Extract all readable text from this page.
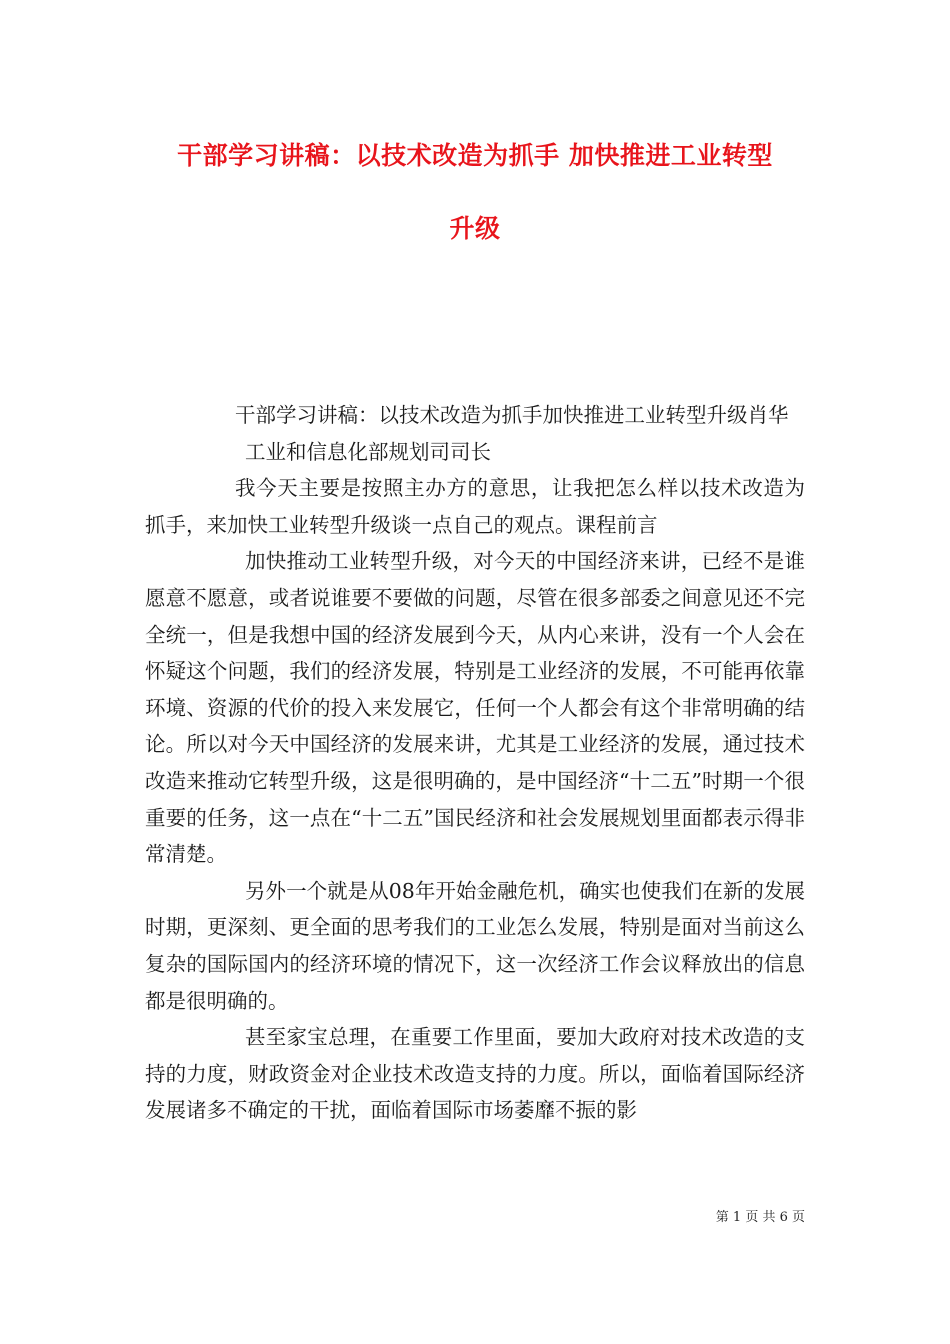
干部学习讲稿：以技术改造为抓手 加快推进工业转型
升级

干部学习讲稿：以技术改造为抓手加快推进工业转型升级肖华

工业和信息化部规划司司长

我今天主要是按照主办方的意思，让我把怎么样以技术改造为抓手，来加快工业转型升级谈一点自己的观点。课程前言

加快推动工业转型升级，对今天的中国经济来讲，已经不是谁愿意不愿意，或者说谁要不要做的问题，尽管在很多部委之间意见还不完全统一，但是我想中国的经济发展到今天，从内心来讲，没有一个人会在怀疑这个问题，我们的经济发展，特别是工业经济的发展，不可能再依靠环境、资源的代价的投入来发展它，任何一个人都会有这个非常明确的结论。所以对今天中国经济的发展来讲，尤其是工业经济的发展，通过技术改造来推动它转型升级，这是很明确的，是中国经济“十二五”时期一个很重要的任务，这一点在“十二五”国民经济和社会发展规划里面都表示得非常清楚。

另外一个就是从08年开始金融危机，确实也使我们在新的发展时期，更深刻、更全面的思考我们的工业怎么发展，特别是面对当前这么复杂的国际国内的经济环境的情况下，这一次经济工作会议释放出的信息都是很明确的。

甚至家宝总理，在重要工作里面，要加大政府对技术改造的支持的力度，财政资金对企业技术改造支持的力度。所以，面临着国际经济发展诸多不确定的干扰，面临着国际市场萎靡不振的影

第 1 页 共 6 页
